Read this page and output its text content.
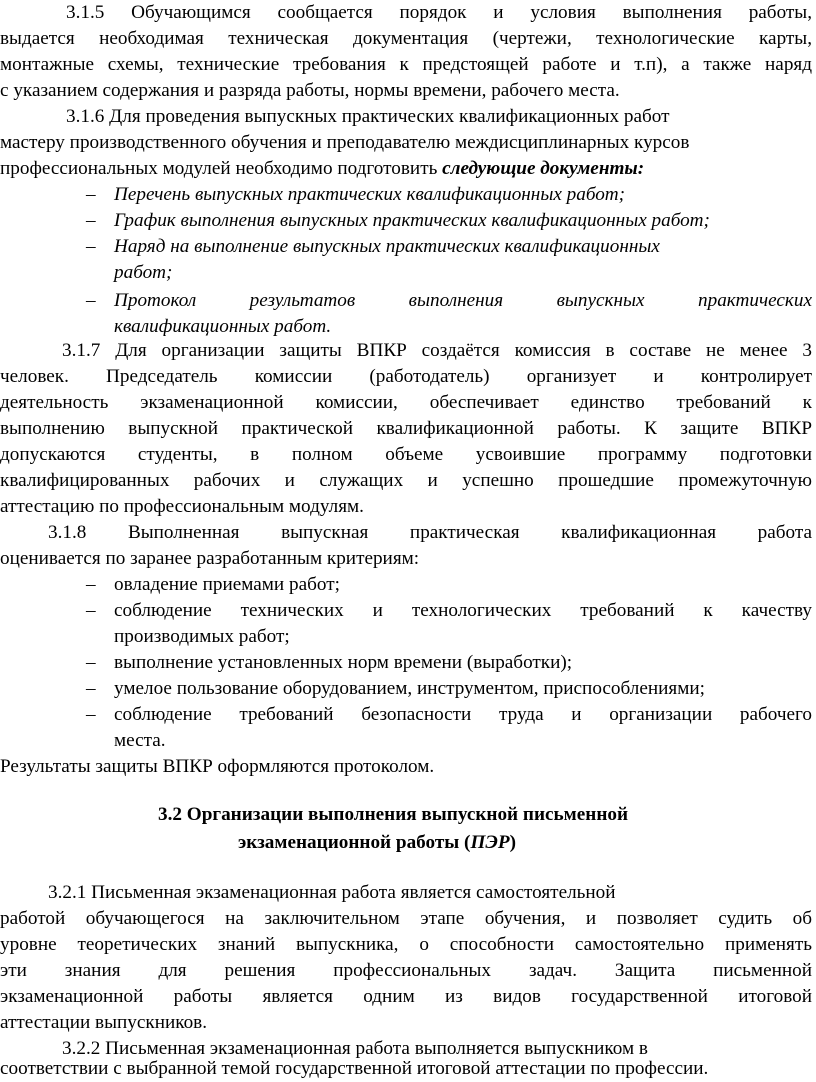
3.1.5 Обучающимся сообщается порядок и условия выполнения работы,
выдается необходимая техническая документация (чертежи, технологические карты,
монтажные схемы, технические требования к предстоящей работе и т.п), а также наряд
с указанием содержания и разряда работы, нормы времени, рабочего места.
3.1.6 Для проведения выпускных практических квалификационных работ
мастеру производственного обучения и преподавателю междисциплинарных курсов
профессиональных модулей необходимо подготовить следующие документы:
– Перечень выпускных практических квалификационных работ;
– График выполнения выпускных практических квалификационных работ;
– Наряд на выполнение выпускных практических квалификационных
работ;
– Протокол результатов выполнения выпускных практических
квалификационных работ.
3.1.7 Для организации защиты ВПКР создаётся комиссия в составе не менее 3
человек. Председатель комиссии (работодатель) организует и контролирует
деятельность экзаменационной комиссии, обеспечивает единство требований к
выполнению выпускной практической квалификационной работы. К защите ВПКР
допускаются студенты, в полном объеме усвоившие программу подготовки
квалифицированных рабочих и служащих и успешно прошедшие промежуточную
аттестацию по профессиональным модулям.
3.1.8 Выполненная выпускная практическая квалификационная работа
оценивается по заранее разработанным критериям:
– овладение приемами работ;
– соблюдение технических и технологических требований к качеству
производимых работ;
– выполнение установленных норм времени (выработки);
– умелое пользование оборудованием, инструментом, приспособлениями;
– соблюдение требований безопасности труда и организации рабочего
места.
Результаты защиты ВПКР оформляются протоколом.
3.2 Организации выполнения выпускной письменной
экзаменационной работы (ПЭР)
3.2.1 Письменная экзаменационная работа является самостоятельной
работой обучающегося на заключительном этапе обучения, и позволяет судить об
уровне теоретических знаний выпускника, о способности самостоятельно применять
эти знания для решения профессиональных задач. Защита письменной
экзаменационной работы является одним из видов государственной итоговой
аттестации выпускников.
3.2.2 Письменная экзаменационная работа выполняется выпускником в
соответствии с выбранной темой государственной итоговой аттестации по профессии.
